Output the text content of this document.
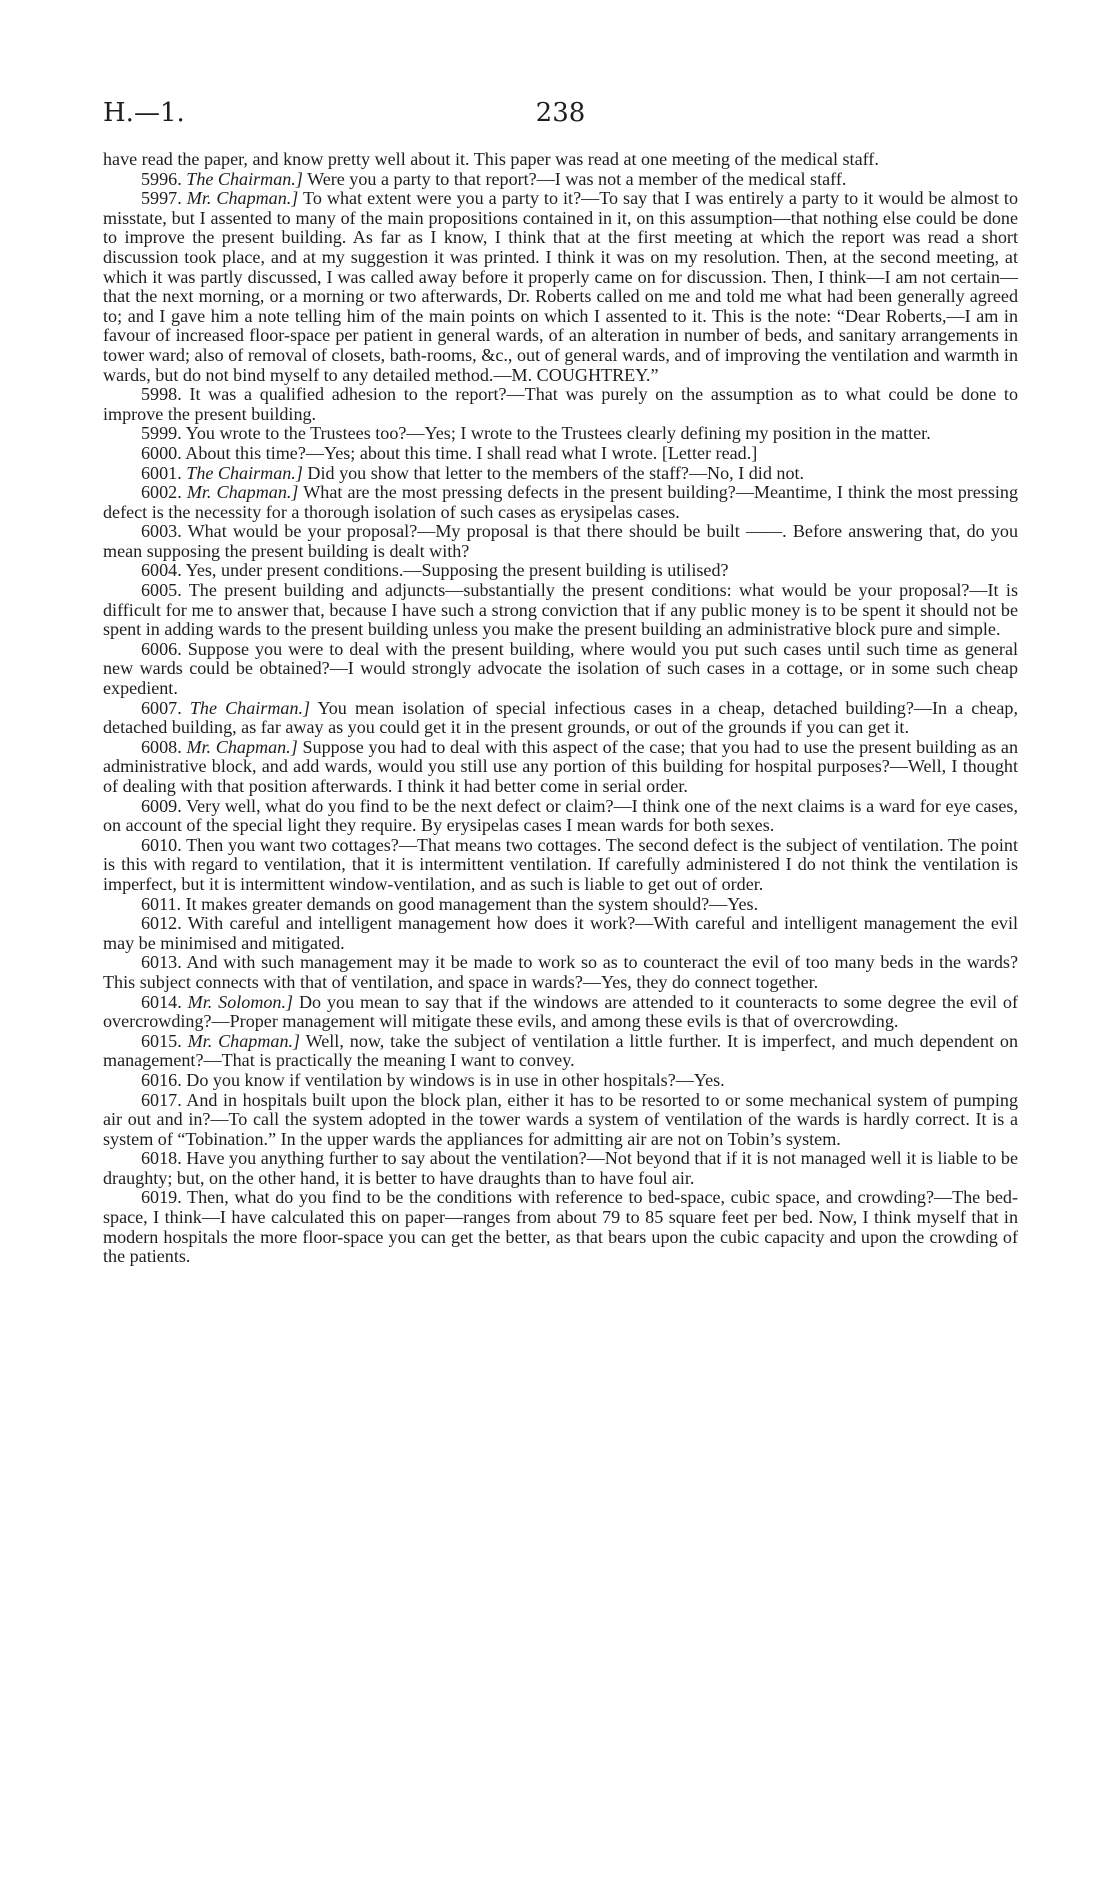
H.—1.	238

have read the paper, and know pretty well about it. This paper was read at one meeting of the medical staff.

5996. The Chairman.] Were you a party to that report?—I was not a member of the medical staff.

5997. Mr. Chapman.] To what extent were you a party to it?—To say that I was entirely a party to it would be almost to misstate, but I assented to many of the main propositions contained in it, on this assumption—that nothing else could be done to improve the present building. As far as I know, I think that at the first meeting at which the report was read a short discussion took place, and at my suggestion it was printed. I think it was on my resolution. Then, at the second meeting, at which it was partly discussed, I was called away before it properly came on for discussion. Then, I think—I am not certain—that the next morning, or a morning or two afterwards, Dr. Roberts called on me and told me what had been generally agreed to; and I gave him a note telling him of the main points on which I assented to it. This is the note: “Dear Roberts,—I am in favour of increased floor-space per patient in general wards, of an alteration in number of beds, and sanitary arrangements in tower ward; also of removal of closets, bath-rooms, &c., out of general wards, and of improving the ventilation and warmth in wards, but do not bind myself to any detailed method.—M. COUGHTREY.”

5998. It was a qualified adhesion to the report?—That was purely on the assumption as to what could be done to improve the present building.

5999. You wrote to the Trustees too?—Yes; I wrote to the Trustees clearly defining my position in the matter.

6000. About this time?—Yes; about this time. I shall read what I wrote. [Letter read.]

6001. The Chairman.] Did you show that letter to the members of the staff?—No, I did not.

6002. Mr. Chapman.] What are the most pressing defects in the present building?—Meantime, I think the most pressing defect is the necessity for a thorough isolation of such cases as erysipelas cases.

6003. What would be your proposal?—My proposal is that there should be built ——. Before answering that, do you mean supposing the present building is dealt with?

6004. Yes, under present conditions.—Supposing the present building is utilised?

6005. The present building and adjuncts—substantially the present conditions: what would be your proposal?—It is difficult for me to answer that, because I have such a strong conviction that if any public money is to be spent it should not be spent in adding wards to the present building unless you make the present building an administrative block pure and simple.

6006. Suppose you were to deal with the present building, where would you put such cases until such time as general new wards could be obtained?—I would strongly advocate the isolation of such cases in a cottage, or in some such cheap expedient.

6007. The Chairman.] You mean isolation of special infectious cases in a cheap, detached building?—In a cheap, detached building, as far away as you could get it in the present grounds, or out of the grounds if you can get it.

6008. Mr. Chapman.] Suppose you had to deal with this aspect of the case; that you had to use the present building as an administrative block, and add wards, would you still use any portion of this building for hospital purposes?—Well, I thought of dealing with that position afterwards. I think it had better come in serial order.

6009. Very well, what do you find to be the next defect or claim?—I think one of the next claims is a ward for eye cases, on account of the special light they require. By erysipelas cases I mean wards for both sexes.

6010. Then you want two cottages?—That means two cottages. The second defect is the subject of ventilation. The point is this with regard to ventilation, that it is intermittent ventilation. If carefully administered I do not think the ventilation is imperfect, but it is intermittent window-ventilation, and as such is liable to get out of order.

6011. It makes greater demands on good management than the system should?—Yes.

6012. With careful and intelligent management how does it work?—With careful and intelligent management the evil may be minimised and mitigated.

6013. And with such management may it be made to work so as to counteract the evil of too many beds in the wards? This subject connects with that of ventilation, and space in wards?—Yes, they do connect together.

6014. Mr. Solomon.] Do you mean to say that if the windows are attended to it counteracts to some degree the evil of overcrowding?—Proper management will mitigate these evils, and among these evils is that of overcrowding.

6015. Mr. Chapman.] Well, now, take the subject of ventilation a little further. It is imperfect, and much dependent on management?—That is practically the meaning I want to convey.

6016. Do you know if ventilation by windows is in use in other hospitals?—Yes.

6017. And in hospitals built upon the block plan, either it has to be resorted to or some mechanical system of pumping air out and in?—To call the system adopted in the tower wards a system of ventilation of the wards is hardly correct. It is a system of “Tobination.” In the upper wards the appliances for admitting air are not on Tobin’s system.

6018. Have you anything further to say about the ventilation?—Not beyond that if it is not managed well it is liable to be draughty; but, on the other hand, it is better to have draughts than to have foul air.

6019. Then, what do you find to be the conditions with reference to bed-space, cubic space, and crowding?—The bed-space, I think—I have calculated this on paper—ranges from about 79 to 85 square feet per bed. Now, I think myself that in modern hospitals the more floor-space you can get the better, as that bears upon the cubic capacity and upon the crowding of the patients.
